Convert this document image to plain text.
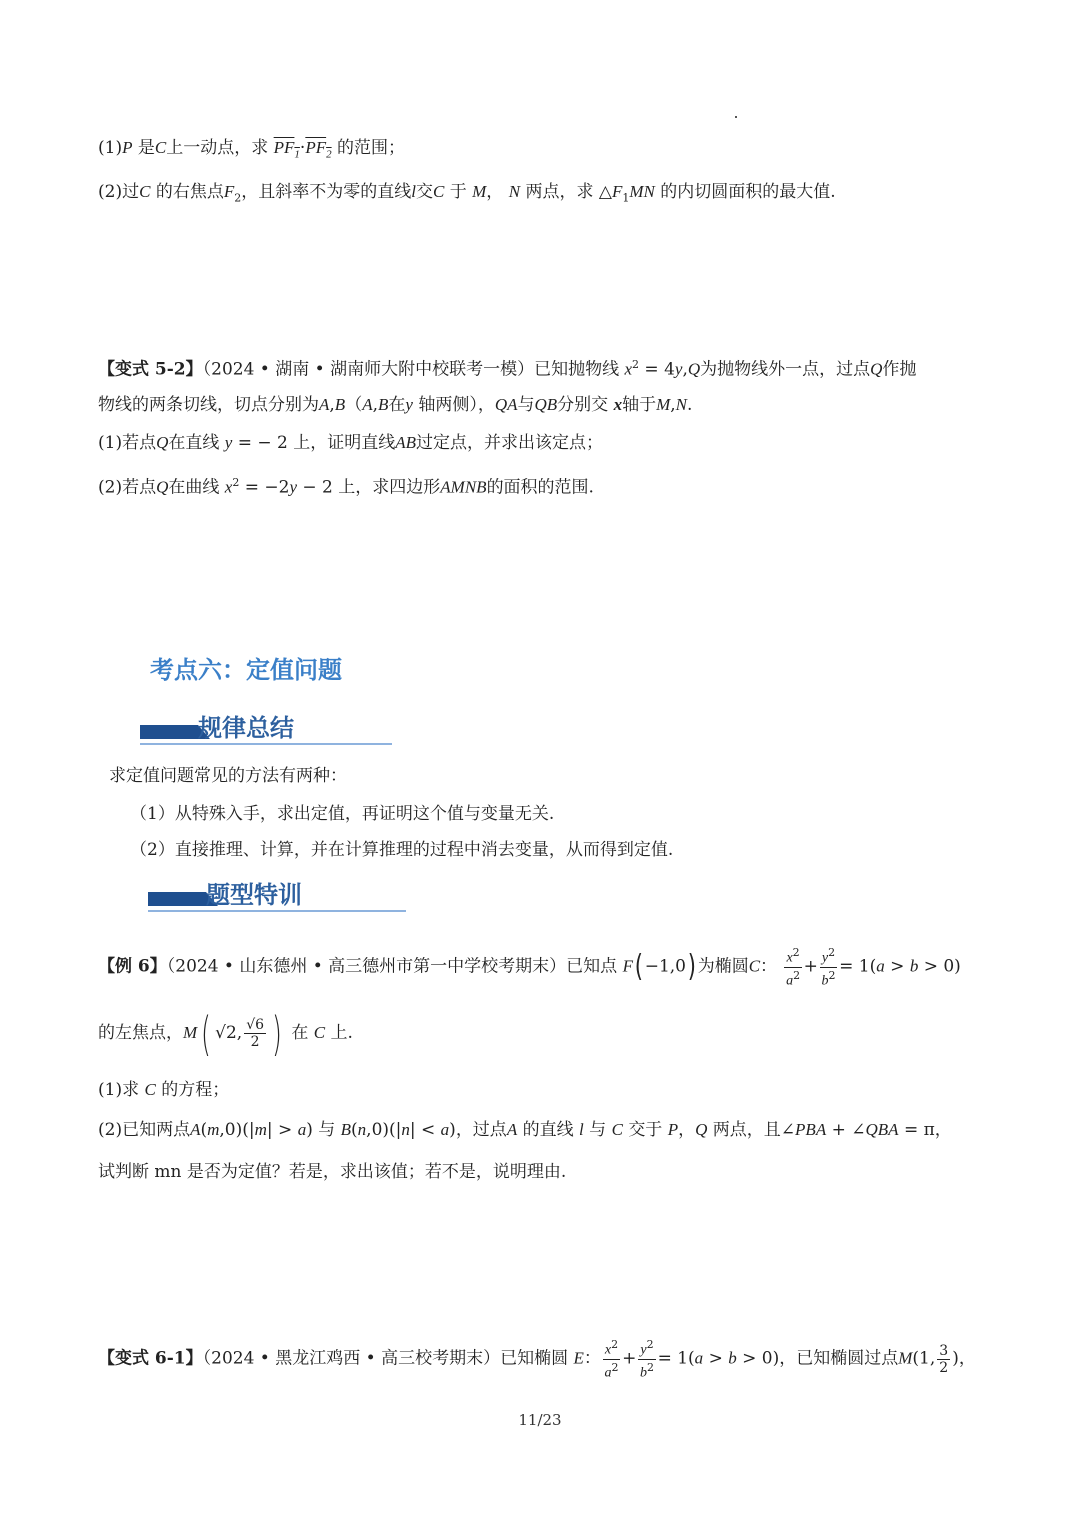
(1)P 是C上一动点，求 $PF_1\cdot PF_2$ 的范围；
(2)过C 的右焦点$F_2$，且斜率不为零的直线l交C 于 M， N 两点，求 $\triangle F_1MN$ 的内切圆面积的最大值.
【变式 5-2】（2024 • 湖南 • 湖南师大附中校联考一模）已知抛物线 $x^2 = 4y,Q$为抛物线外一点，过点Q作抛
物线的两条切线，切点分别为A,B（A,B在y 轴两侧），QA与QB分别交 x轴于M,N.
(1)若点Q在直线 y = − 2 上，证明直线AB过定点，并求出该定点；
(2)若点Q在曲线 $x^2 = -2y - 2$ 上，求四边形AMNB的面积的范围.
考点六：定值问题
规律总结
求定值问题常见的方法有两种：
（1）从特殊入手，求出定值，再证明这个值与变量无关.
（2）直接推理、计算，并在计算推理的过程中消去变量，从而得到定值.
题型特训
【例 6】（2024 • 山东德州 • 高三德州市第一中学校考期末）已知点 F( −1,0) 为椭圆C： $\frac{x^2}{a^2} + \frac{y^2}{b^2} = 1(a > b > 0)$
的左焦点，M( √2, $\frac{√6}{2}$ ) 在 C 上.
(1)求 C 的方程；
(2)已知两点A(m,0)(|m| > a) 与 B(n,0)(|n| < a)，过点A 的直线 l 与 C 交于 P，Q 两点，且∠PBA + ∠QBA = π，
试判断 mn 是否为定值？若是，求出该值；若不是，说明理由.
【变式 6-1】（2024 • 黑龙江鸡西 • 高三校考期末）已知椭圆 E： $\frac{x^2}{a^2} + \frac{y^2}{b^2} = 1(a > b > 0)$，已知椭圆过点M(1, $\frac{3}{2}$ )，
11/23
